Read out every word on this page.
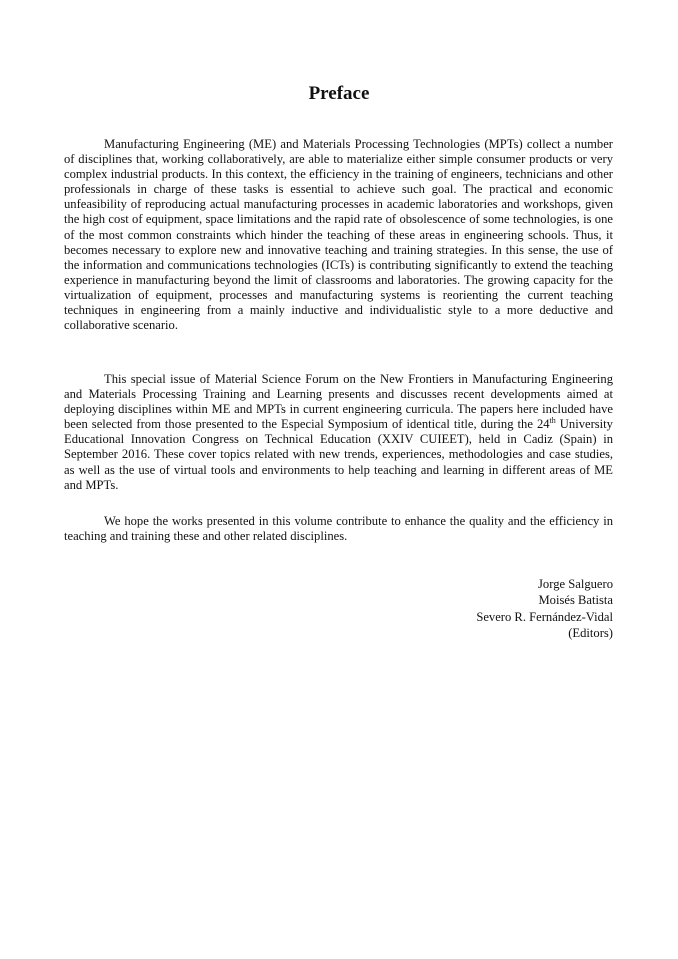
Preface

Manufacturing Engineering (ME) and Materials Processing Technologies (MPTs) collect a number of disciplines that, working collaboratively, are able to materialize either simple consumer products or very complex industrial products. In this context, the efficiency in the training of engineers, technicians and other professionals in charge of these tasks is essential to achieve such goal. The practical and economic unfeasibility of reproducing actual manufacturing processes in academic laboratories and workshops, given the high cost of equipment, space limitations and the rapid rate of obsolescence of some technologies, is one of the most common constraints which hinder the teaching of these areas in engineering schools. Thus, it becomes necessary to explore new and innovative teaching and training strategies. In this sense, the use of the information and communications technologies (ICTs) is contributing significantly to extend the teaching experience in manufacturing beyond the limit of classrooms and laboratories. The growing capacity for the virtualization of equipment, processes and manufacturing systems is reorienting the current teaching techniques in engineering from a mainly inductive and individualistic style to a more deductive and collaborative scenario.

This special issue of Material Science Forum on the New Frontiers in Manufacturing Engineering and Materials Processing Training and Learning presents and discusses recent developments aimed at deploying disciplines within ME and MPTs in current engineering curricula. The papers here included have been selected from those presented to the Especial Symposium of identical title, during the 24th University Educational Innovation Congress on Technical Education (XXIV CUIEET), held in Cadiz (Spain) in September 2016. These cover topics related with new trends, experiences, methodologies and case studies, as well as the use of virtual tools and environments to help teaching and learning in different areas of ME and MPTs.

We hope the works presented in this volume contribute to enhance the quality and the efficiency in teaching and training these and other related disciplines.

Jorge Salguero
Moisés Batista
Severo R. Fernández-Vidal
(Editors)
